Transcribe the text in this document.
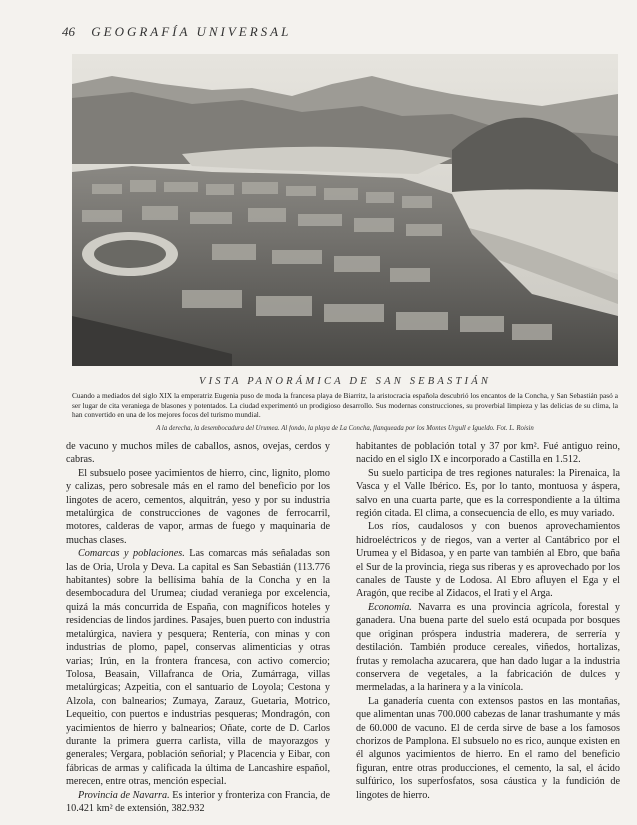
46 GEOGRAFÍA UNIVERSAL
VISTA PANORÁMICA DE SAN SEBASTIÁN
Cuando a mediados del siglo XIX la emperatriz Eugenia puso de moda la francesa playa de Biarritz, la aristocracia española descubrió los encantos de la Concha, y San Sebastián pasó a ser lugar de cita veraniega de blasones y potentados. La ciudad experimentó un prodigioso desarrollo. Sus modernas construcciones, su proverbial limpieza y las delicias de su clima, la han convertido en una de los mejores focos del turismo mundial.
A la derecha, la desembocadura del Urumea. Al fondo, la playa de La Concha, flanqueada por los Montes Urgull e Igueldo. Fot. L. Roisin

de vacuno y muchos miles de caballos, asnos, ovejas, cerdos y cabras.

El subsuelo posee yacimientos de hierro, cinc, lignito, plomo y calizas, pero sobresale más en el ramo del beneficio por los lingotes de acero, cementos, alquitrán, yeso y por su industria metalúrgica de construcciones de vagones de ferrocarril, motores, calderas de vapor, armas de fuego y maquinaria de muchas clases.

Comarcas y poblaciones. Las comarcas más señaladas son las de Oria, Urola y Deva. La capital es San Sebastián (113.776 habitantes) sobre la bellísima bahía de la Concha y en la desembocadura del Urumea; ciudad veraniega por excelencia, quizá la más concurrida de España, con magníficos hoteles y residencias de lindos jardines. Pasajes, buen puerto con industria metalúrgica, naviera y pesquera; Rentería, con minas y con industrias de plomo, papel, conservas alimenticias y otras varias; Irún, en la frontera francesa, con activo comercio; Tolosa, Beasain, Villafranca de Oria, Zumárraga, villas metalúrgicas; Azpeitia, con el santuario de Loyola; Cestona y Alzola, con balnearios; Zumaya, Zarauz, Guetaria, Motrico, Lequeitio, con puertos e industrias pesqueras; Mondragón, con yacimientos de hierro y balnearios; Oñate, corte de D. Carlos durante la primera guerra carlista, villa de mayorazgos y generales; Vergara, población señorial; y Placencia y Eibar, con fábricas de armas y calificada la última de Lancashire español, merecen, entre otras, mención especial.

Provincia de Navarra. Es interior y fronteriza con Francia, de 10.421 km² de extensión, 382.932

habitantes de población total y 37 por km². Fué antiguo reino, nacido en el siglo IX e incorporado a Castilla en 1.512.

Su suelo participa de tres regiones naturales: la Pirenaica, la Vasca y el Valle Ibérico. Es, por lo tanto, montuosa y áspera, salvo en una cuarta parte, que es la correspondiente a la última región citada. El clima, a consecuencia de ello, es muy variado.

Los ríos, caudalosos y con buenos aprovechamientos hidroeléctricos y de riegos, van a verter al Cantábrico por el Urumea y el Bidasoa, y en parte van también al Ebro, que baña el Sur de la provincia, riega sus riberas y es aprovechado por los canales de Tauste y de Lodosa. Al Ebro afluyen el Ega y el Aragón, que recibe al Zidacos, el Irati y el Arga.

Economía. Navarra es una provincia agrícola, forestal y ganadera. Una buena parte del suelo está ocupada por bosques que originan próspera industria maderera, de serrería y destilación. También produce cereales, viñedos, hortalizas, frutas y remolacha azucarera, que han dado lugar a la industria conservera de vegetales, a la fabricación de dulces y mermeladas, a la harinera y a la vinícola.

La ganadería cuenta con extensos pastos en las montañas, que alimentan unas 700.000 cabezas de lanar trashumante y más de 60.000 de vacuno. El de cerda sirve de base a los famosos chorizos de Pamplona. El subsuelo no es rico, aunque existen en él algunos yacimientos de hierro. En el ramo del beneficio figuran, entre otras producciones, el cemento, la sal, el ácido sulfúrico, los superfosfatos, sosa cáustica y la fundición de lingotes de hierro.
